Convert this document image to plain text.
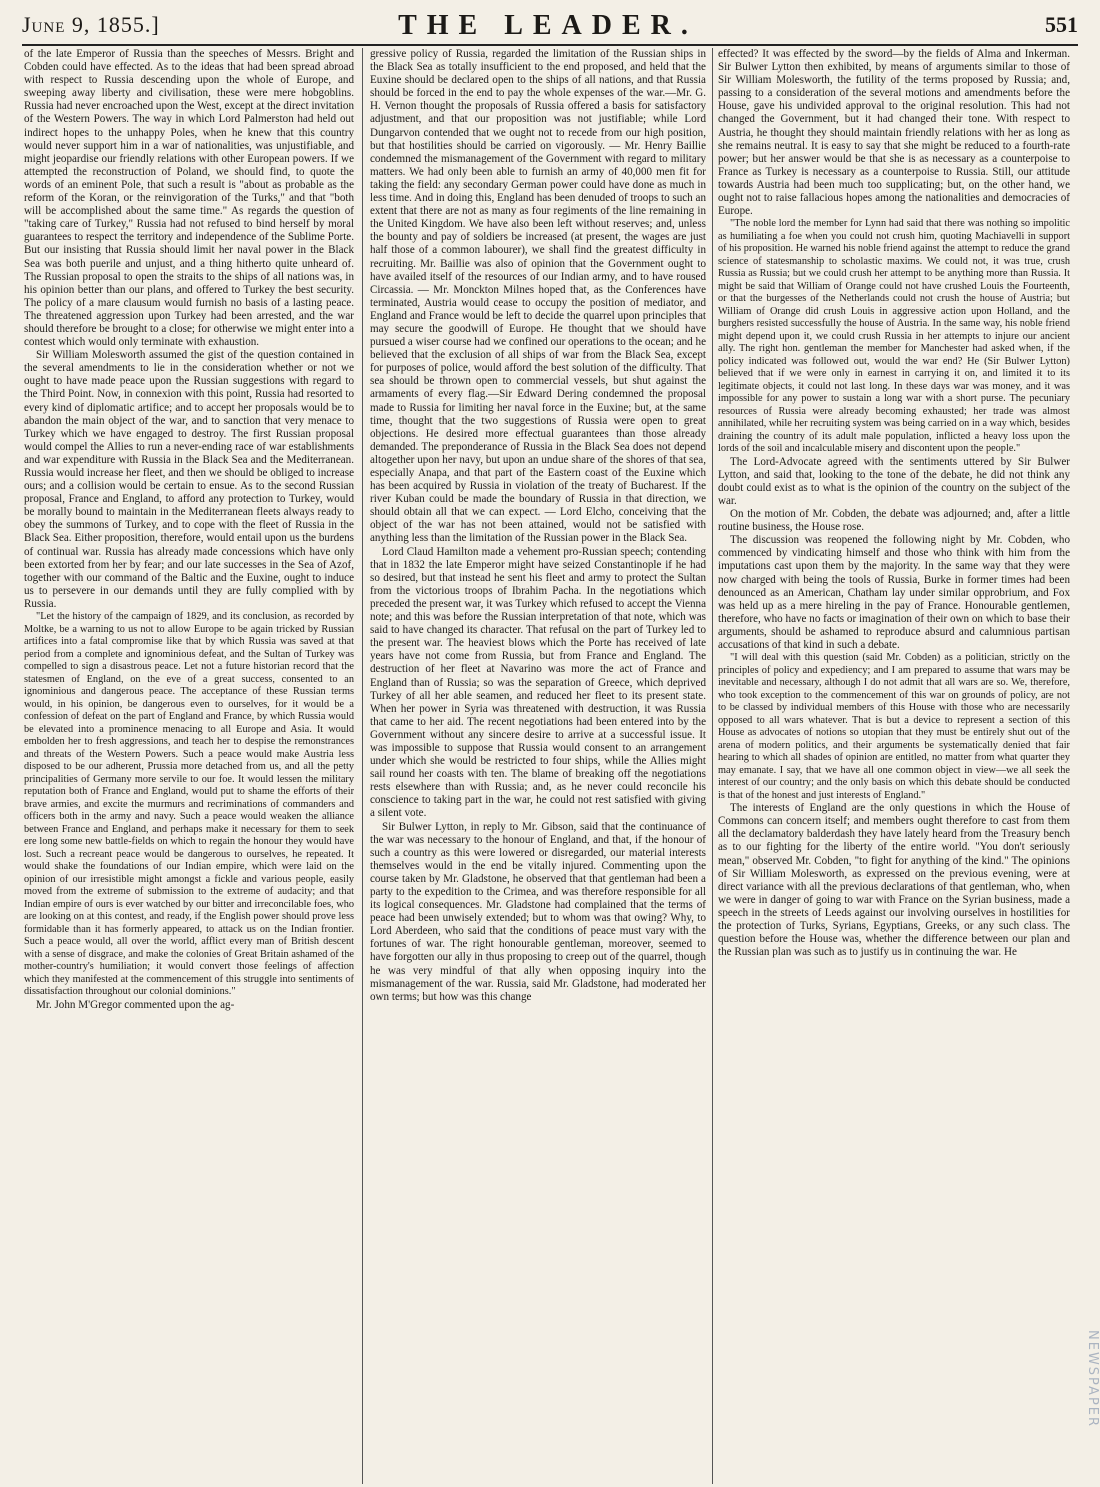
June 9, 1855.]	THE LEADER.	551

of the late Emperor of Russia than the speeches of Messrs. Bright and Cobden could have effected. As to the ideas that had been spread abroad with respect to Russia descending upon the whole of Europe, and sweeping away liberty and civilisation, these were mere hobgoblins. Russia had never encroached upon the West, except at the direct invitation of the Western Powers. The way in which Lord Palmerston had held out indirect hopes to the unhappy Poles, when he knew that this country would never support him in a war of nationalities, was unjustifiable, and might jeopardise our friendly relations with other European powers. If we attempted the reconstruction of Poland, we should find, to quote the words of an eminent Pole, that such a result is "about as probable as the reform of the Koran, or the reinvigoration of the Turks," and that "both will be accomplished about the same time." As regards the question of "taking care of Turkey," Russia had not refused to bind herself by moral guarantees to respect the territory and independence of the Sublime Porte. But our insisting that Russia should limit her naval power in the Black Sea was both puerile and unjust, and a thing hitherto quite unheard of. The Russian proposal to open the straits to the ships of all nations was, in his opinion better than our plans, and offered to Turkey the best security. The policy of a mare clausum would furnish no basis of a lasting peace. The threatened aggression upon Turkey had been arrested, and the war should therefore be brought to a close; for otherwise we might enter into a contest which would only terminate with exhaustion.

Sir William Molesworth assumed the gist of the question contained in the several amendments to lie in the consideration whether or not we ought to have made peace upon the Russian suggestions with regard to the Third Point. Now, in connexion with this point, Russia had resorted to every kind of diplomatic artifice; and to accept her proposals would be to abandon the main object of the war, and to sanction that very menace to Turkey which we have engaged to destroy. The first Russian proposal would compel the Allies to run a never-ending race of war establishments and war expenditure with Russia in the Black Sea and the Mediterranean. Russia would increase her fleet, and then we should be obliged to increase ours; and a collision would be certain to ensue. As to the second Russian proposal, France and England, to afford any protection to Turkey, would be morally bound to maintain in the Mediterranean fleets always ready to obey the summons of Turkey, and to cope with the fleet of Russia in the Black Sea. Either proposition, therefore, would entail upon us the burdens of continual war. Russia has already made concessions which have only been extorted from her by fear; and our late successes in the Sea of Azof, together with our command of the Baltic and the Euxine, ought to induce us to persevere in our demands until they are fully complied with by Russia.

"Let the history of the campaign of 1829, and its conclusion, as recorded by Moltke, be a warning to us not to allow Europe to be again tricked by Russian artifices into a fatal compromise like that by which Russia was saved at that period from a complete and ignominious defeat, and the Sultan of Turkey was compelled to sign a disastrous peace. Let not a future historian record that the statesmen of England, on the eve of a great success, consented to an ignominious and dangerous peace. The acceptance of these Russian terms would, in his opinion, be dangerous even to ourselves, for it would be a confession of defeat on the part of England and France, by which Russia would be elevated into a prominence menacing to all Europe and Asia. It would embolden her to fresh aggressions, and teach her to despise the remonstrances and threats of the Western Powers. Such a peace would make Austria less disposed to be our adherent, Prussia more detached from us, and all the petty principalities of Germany more servile to our foe. It would lessen the military reputation both of France and England, would put to shame the efforts of their brave armies, and excite the murmurs and recriminations of commanders and officers both in the army and navy. Such a peace would weaken the alliance between France and England, and perhaps make it necessary for them to seek ere long some new battle-fields on which to regain the honour they would have lost. Such a recreant peace would be dangerous to ourselves, he repeated. It would shake the foundations of our Indian empire, which were laid on the opinion of our irresistible might amongst a fickle and various people, easily moved from the extreme of submission to the extreme of audacity; and that Indian empire of ours is ever watched by our bitter and irreconcilable foes, who are looking on at this contest, and ready, if the English power should prove less formidable than it has formerly appeared, to attack us on the Indian frontier. Such a peace would, all over the world, afflict every man of British descent with a sense of disgrace, and make the colonies of Great Britain ashamed of the mother-country's humiliation; it would convert those feelings of affection which they manifested at the commencement of this struggle into sentiments of dissatisfaction throughout our colonial dominions."

Mr. John M'Gregor commented upon the ag-

gressive policy of Russia, regarded the limitation of the Russian ships in the Black Sea as totally insufficient to the end proposed, and held that the Euxine should be declared open to the ships of all nations, and that Russia should be forced in the end to pay the whole expenses of the war.—Mr. G. H. Vernon thought the proposals of Russia offered a basis for satisfactory adjustment, and that our proposition was not justifiable; while Lord Dungarvon contended that we ought not to recede from our high position, but that hostilities should be carried on vigorously. — Mr. Henry Baillie condemned the mismanagement of the Government with regard to military matters. We had only been able to furnish an army of 40,000 men fit for taking the field: any secondary German power could have done as much in less time. And in doing this, England has been denuded of troops to such an extent that there are not as many as four regiments of the line remaining in the United Kingdom. We have also been left without reserves; and, unless the bounty and pay of soldiers be increased (at present, the wages are just half those of a common labourer), we shall find the greatest difficulty in recruiting. Mr. Baillie was also of opinion that the Government ought to have availed itself of the resources of our Indian army, and to have roused Circassia. — Mr. Monckton Milnes hoped that, as the Conferences have terminated, Austria would cease to occupy the position of mediator, and England and France would be left to decide the quarrel upon principles that may secure the goodwill of Europe. He thought that we should have pursued a wiser course had we confined our operations to the ocean; and he believed that the exclusion of all ships of war from the Black Sea, except for purposes of police, would afford the best solution of the difficulty. That sea should be thrown open to commercial vessels, but shut against the armaments of every flag.—Sir Edward Dering condemned the proposal made to Russia for limiting her naval force in the Euxine; but, at the same time, thought that the two suggestions of Russia were open to great objections. He desired more effectual guarantees than those already demanded. The preponderance of Russia in the Black Sea does not depend altogether upon her navy, but upon an undue share of the shores of that sea, especially Anapa, and that part of the Eastern coast of the Euxine which has been acquired by Russia in violation of the treaty of Bucharest. If the river Kuban could be made the boundary of Russia in that direction, we should obtain all that we can expect. — Lord Elcho, conceiving that the object of the war has not been attained, would not be satisfied with anything less than the limitation of the Russian power in the Black Sea.

Lord Claud Hamilton made a vehement pro-Russian speech; contending that in 1832 the late Emperor might have seized Constantinople if he had so desired, but that instead he sent his fleet and army to protect the Sultan from the victorious troops of Ibrahim Pacha. In the negotiations which preceded the present war, it was Turkey which refused to accept the Vienna note; and this was before the Russian interpretation of that note, which was said to have changed its character. That refusal on the part of Turkey led to the present war. The heaviest blows which the Porte has received of late years have not come from Russia, but from France and England. The destruction of her fleet at Navarino was more the act of France and England than of Russia; so was the separation of Greece, which deprived Turkey of all her able seamen, and reduced her fleet to its present state. When her power in Syria was threatened with destruction, it was Russia that came to her aid. The recent negotiations had been entered into by the Government without any sincere desire to arrive at a successful issue. It was impossible to suppose that Russia would consent to an arrangement under which she would be restricted to four ships, while the Allies might sail round her coasts with ten. The blame of breaking off the negotiations rests elsewhere than with Russia; and, as he never could reconcile his conscience to taking part in the war, he could not rest satisfied with giving a silent vote.

Sir Bulwer Lytton, in reply to Mr. Gibson, said that the continuance of the war was necessary to the honour of England, and that, if the honour of such a country as this were lowered or disregarded, our material interests themselves would in the end be vitally injured. Commenting upon the course taken by Mr. Gladstone, he observed that that gentleman had been a party to the expedition to the Crimea, and was therefore responsible for all its logical consequences. Mr. Gladstone had complained that the terms of peace had been unwisely extended; but to whom was that owing? Why, to Lord Aberdeen, who said that the conditions of peace must vary with the fortunes of war. The right honourable gentleman, moreover, seemed to have forgotten our ally in thus proposing to creep out of the quarrel, though he was very mindful of that ally when opposing inquiry into the mismanagement of the war. Russia, said Mr. Gladstone, had moderated her own terms; but how was this change

effected? It was effected by the sword—by the fields of Alma and Inkerman. Sir Bulwer Lytton then exhibited, by means of arguments similar to those of Sir William Molesworth, the futility of the terms proposed by Russia; and, passing to a consideration of the several motions and amendments before the House, gave his undivided approval to the original resolution. This had not changed the Government, but it had changed their tone. With respect to Austria, he thought they should maintain friendly relations with her as long as she remains neutral. It is easy to say that she might be reduced to a fourth-rate power; but her answer would be that she is as necessary as a counterpoise to France as Turkey is necessary as a counterpoise to Russia. Still, our attitude towards Austria had been much too supplicating; but, on the other hand, we ought not to raise fallacious hopes among the nationalities and democracies of Europe.

"The noble lord the member for Lynn had said that there was nothing so impolitic as humiliating a foe when you could not crush him, quoting Machiavelli in support of his proposition. He warned his noble friend against the attempt to reduce the grand science of statesmanship to scholastic maxims. We could not, it was true, crush Russia as Russia; but we could crush her attempt to be anything more than Russia. It might be said that William of Orange could not have crushed Louis the Fourteenth, or that the burgesses of the Netherlands could not crush the house of Austria; but William of Orange did crush Louis in aggressive action upon Holland, and the burghers resisted successfully the house of Austria. In the same way, his noble friend might depend upon it, we could crush Russia in her attempts to injure our ancient ally. The right hon. gentleman the member for Manchester had asked when, if the policy indicated was followed out, would the war end? He (Sir Bulwer Lytton) believed that if we were only in earnest in carrying it on, and limited it to its legitimate objects, it could not last long. In these days war was money, and it was impossible for any power to sustain a long war with a short purse. The pecuniary resources of Russia were already becoming exhausted; her trade was almost annihilated, while her recruiting system was being carried on in a way which, besides draining the country of its adult male population, inflicted a heavy loss upon the lords of the soil and incalculable misery and discontent upon the people."

The Lord-Advocate agreed with the sentiments uttered by Sir Bulwer Lytton, and said that, looking to the tone of the debate, he did not think any doubt could exist as to what is the opinion of the country on the subject of the war.

On the motion of Mr. Cobden, the debate was adjourned; and, after a little routine business, the House rose.

The discussion was reopened the following night by Mr. Cobden, who commenced by vindicating himself and those who think with him from the imputations cast upon them by the majority. In the same way that they were now charged with being the tools of Russia, Burke in former times had been denounced as an American, Chatham lay under similar opprobrium, and Fox was held up as a mere hireling in the pay of France. Honourable gentlemen, therefore, who have no facts or imagination of their own on which to base their arguments, should be ashamed to reproduce absurd and calumnious partisan accusations of that kind in such a debate.

"I will deal with this question (said Mr. Cobden) as a politician, strictly on the principles of policy and expediency; and I am prepared to assume that wars may be inevitable and necessary, although I do not admit that all wars are so. We, therefore, who took exception to the commencement of this war on grounds of policy, are not to be classed by individual members of this House with those who are necessarily opposed to all wars whatever. That is but a device to represent a section of this House as advocates of notions so utopian that they must be entirely shut out of the arena of modern politics, and their arguments be systematically denied that fair hearing to which all shades of opinion are entitled, no matter from what quarter they may emanate. I say, that we have all one common object in view—we all seek the interest of our country; and the only basis on which this debate should be conducted is that of the honest and just interests of England."

The interests of England are the only questions in which the House of Commons can concern itself; and members ought therefore to cast from them all the declamatory balderdash they have lately heard from the Treasury bench as to our fighting for the liberty of the entire world. "You don't seriously mean," observed Mr. Cobden, "to fight for anything of the kind." The opinions of Sir William Molesworth, as expressed on the previous evening, were at direct variance with all the previous declarations of that gentleman, who, when we were in danger of going to war with France on the Syrian business, made a speech in the streets of Leeds against our involving ourselves in hostilities for the protection of Turks, Syrians, Egyptians, Greeks, or any such class. The question before the House was, whether the difference between our plan and the Russian plan was such as to justify us in continuing the war. He

NEWSPAPER
